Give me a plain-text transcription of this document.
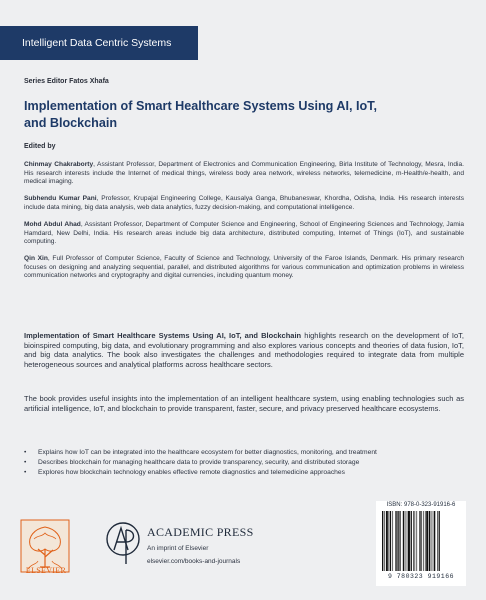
Intelligent Data Centric Systems
Series Editor Fatos Xhafa
Implementation of Smart Healthcare Systems Using AI, IoT,
and Blockchain
Edited by
Chinmay Chakraborty, Assistant Professor, Department of Electronics and Communication Engineering, Birla Institute of Technology, Mesra, India. His research interests include the Internet of medical things, wireless body area network, wireless networks, telemedicine, m-Health/e-health, and medical imaging.
Subhendu Kumar Pani, Professor, Krupajal Engineering College, Kausalya Ganga, Bhubaneswar, Khordha, Odisha, India. His research interests include data mining, big data analysis, web data analytics, fuzzy decision-making, and computational intelligence.
Mohd Abdul Ahad, Assistant Professor, Department of Computer Science and Engineering, School of Engineering Sciences and Technology, Jamia Hamdard, New Delhi, India. His research areas include big data architecture, distributed computing, Internet of Things (IoT), and sustainable computing.
Qin Xin, Full Professor of Computer Science, Faculty of Science and Technology, University of the Faroe Islands, Denmark. His primary research focuses on designing and analyzing sequential, parallel, and distributed algorithms for various communication and optimization problems in wireless communication networks and cryptography and digital currencies, including quantum money.
Implementation of Smart Healthcare Systems Using AI, IoT, and Blockchain highlights research on the development of IoT, bioinspired computing, big data, and evolutionary programming and also explores various concepts and theories of data fusion, IoT, and big data analytics. The book also investigates the challenges and methodologies required to integrate data from multiple heterogeneous sources and analytical platforms across healthcare sectors.
The book provides useful insights into the implementation of an intelligent healthcare system, using enabling technologies such as artificial intelligence, IoT, and blockchain to provide transparent, faster, secure, and privacy preserved healthcare ecosystems.
• Explains how IoT can be integrated into the healthcare ecosystem for better diagnostics, monitoring, and treatment
• Describes blockchain for managing healthcare data to provide transparency, security, and distributed storage
• Explores how blockchain technology enables effective remote diagnostics and telemedicine approaches
ELSEVIER
ACADEMIC PRESS
An imprint of Elsevier
elsevier.com/books-and-journals
ISBN: 978-0-323-91916-6
9 780323 919166
